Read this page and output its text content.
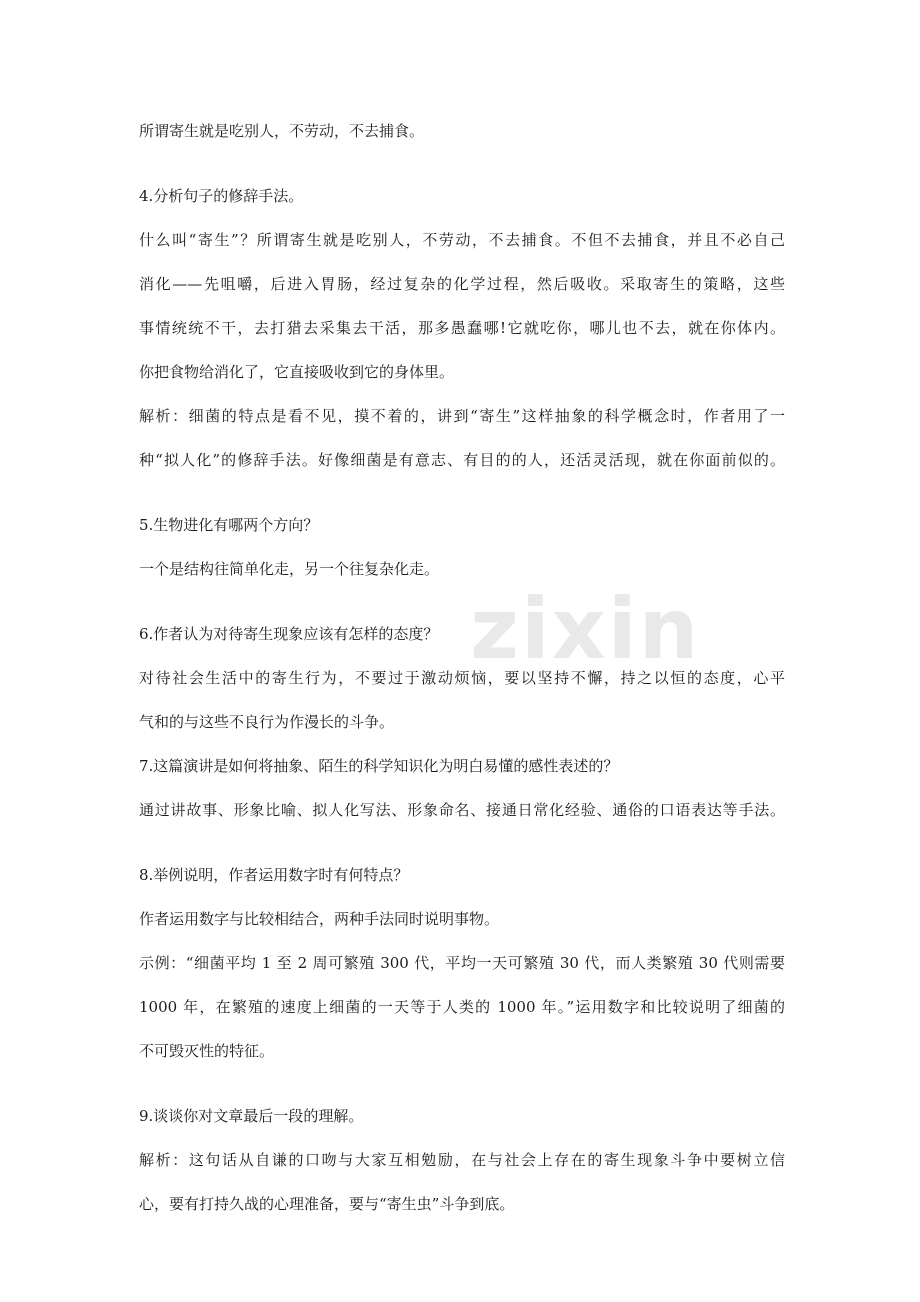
zixin
所谓寄生就是吃别人，不劳动，不去捕食。
4.分析句子的修辞手法。
什么叫“寄生”？所谓寄生就是吃别人，不劳动，不去捕食。不但不去捕食，并且不必自己
消化——先咀嚼，后进入胃肠，经过复杂的化学过程，然后吸收。采取寄生的策略，这些
事情统统不干，去打猎去采集去干活，那多愚蠢哪!它就吃你，哪儿也不去，就在你体内。
你把食物给消化了，它直接吸收到它的身体里。
解析：细菌的特点是看不见，摸不着的，讲到“寄生”这样抽象的科学概念时，作者用了一
种“拟人化”的修辞手法。好像细菌是有意志、有目的的人，还活灵活现，就在你面前似的。
5.生物进化有哪两个方向？
一个是结构往简单化走，另一个往复杂化走。
6.作者认为对待寄生现象应该有怎样的态度？
对待社会生活中的寄生行为，不要过于激动烦恼，要以坚持不懈，持之以恒的态度，心平
气和的与这些不良行为作漫长的斗争。
7.这篇演讲是如何将抽象、陌生的科学知识化为明白易懂的感性表述的？
通过讲故事、形象比喻、拟人化写法、形象命名、接通日常化经验、通俗的口语表达等手法。
8.举例说明，作者运用数字时有何特点？
作者运用数字与比较相结合，两种手法同时说明事物。
示例：“细菌平均 1 至 2 周可繁殖 300 代，平均一天可繁殖 30 代，而人类繁殖 30 代则需要
1000 年，在繁殖的速度上细菌的一天等于人类的 1000 年。”运用数字和比较说明了细菌的
不可毁灭性的特征。
9.谈谈你对文章最后一段的理解。
解析：这句话从自谦的口吻与大家互相勉励，在与社会上存在的寄生现象斗争中要树立信
心，要有打持久战的心理准备，要与“寄生虫”斗争到底。
